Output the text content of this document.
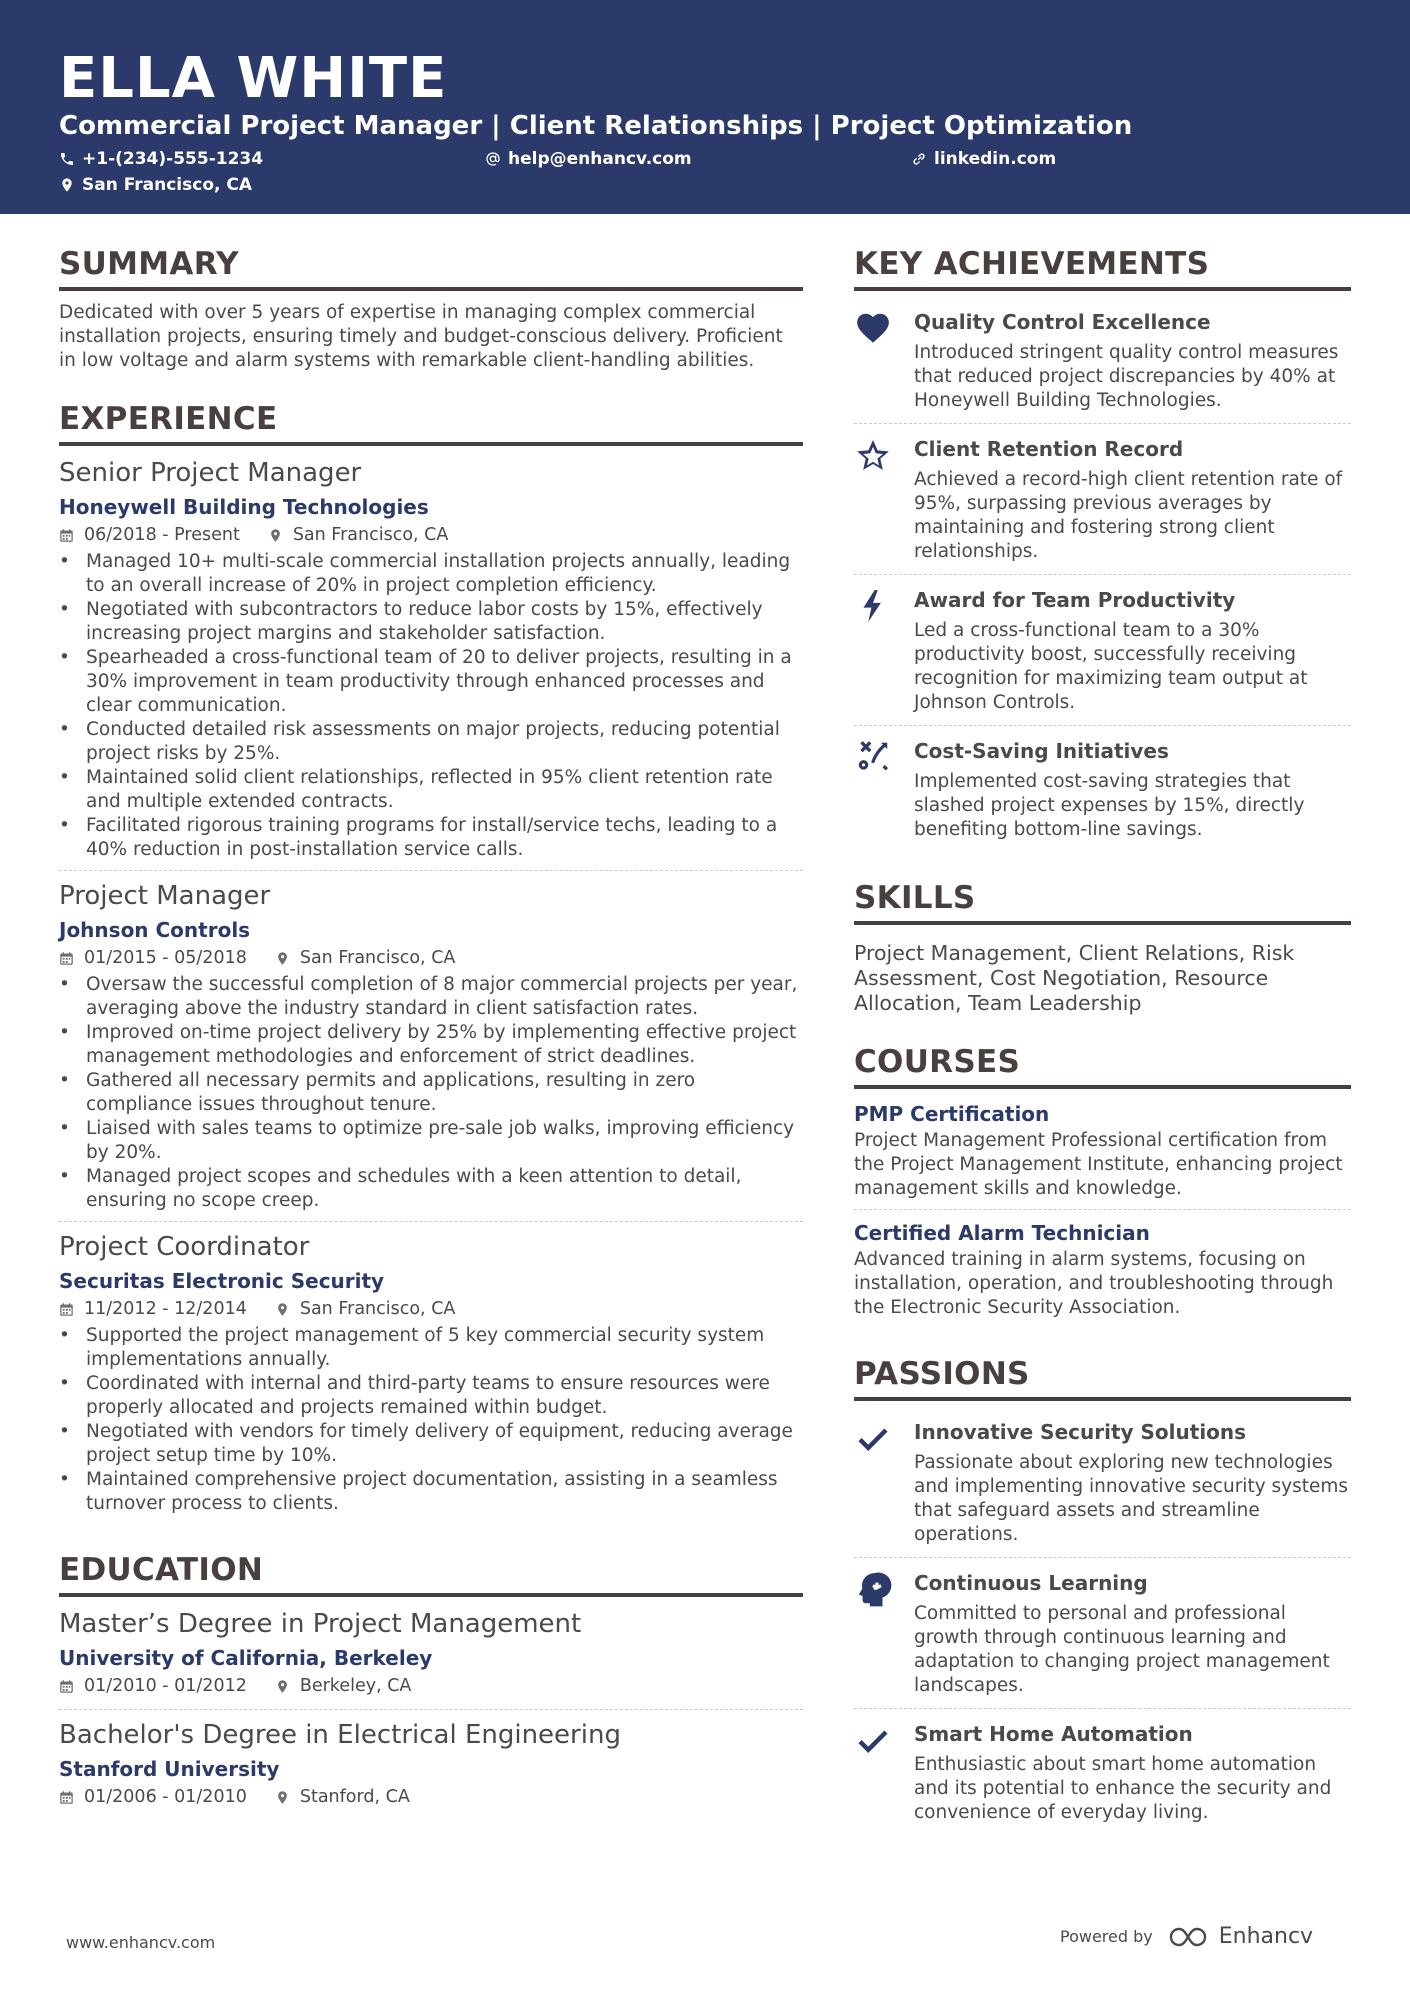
ELLA WHITE
Commercial Project Manager | Client Relationships | Project Optimization
+1-(234)-555-1234	help@enhancv.com	linkedin.com
San Francisco, CA
SUMMARY
Dedicated with over 5 years of expertise in managing complex commercial installation projects, ensuring timely and budget-conscious delivery. Proficient in low voltage and alarm systems with remarkable client-handling abilities.
EXPERIENCE
Senior Project Manager
Honeywell Building Technologies
06/2018 - Present	San Francisco, CA
• Managed 10+ multi-scale commercial installation projects annually, leading to an overall increase of 20% in project completion efficiency.
• Negotiated with subcontractors to reduce labor costs by 15%, effectively increasing project margins and stakeholder satisfaction.
• Spearheaded a cross-functional team of 20 to deliver projects, resulting in a 30% improvement in team productivity through enhanced processes and clear communication.
• Conducted detailed risk assessments on major projects, reducing potential project risks by 25%.
• Maintained solid client relationships, reflected in 95% client retention rate and multiple extended contracts.
• Facilitated rigorous training programs for install/service techs, leading to a 40% reduction in post-installation service calls.
Project Manager
Johnson Controls
01/2015 - 05/2018	San Francisco, CA
• Oversaw the successful completion of 8 major commercial projects per year, averaging above the industry standard in client satisfaction rates.
• Improved on-time project delivery by 25% by implementing effective project management methodologies and enforcement of strict deadlines.
• Gathered all necessary permits and applications, resulting in zero compliance issues throughout tenure.
• Liaised with sales teams to optimize pre-sale job walks, improving efficiency by 20%.
• Managed project scopes and schedules with a keen attention to detail, ensuring no scope creep.
Project Coordinator
Securitas Electronic Security
11/2012 - 12/2014	San Francisco, CA
• Supported the project management of 5 key commercial security system implementations annually.
• Coordinated with internal and third-party teams to ensure resources were properly allocated and projects remained within budget.
• Negotiated with vendors for timely delivery of equipment, reducing average project setup time by 10%.
• Maintained comprehensive project documentation, assisting in a seamless turnover process to clients.
EDUCATION
Master’s Degree in Project Management
University of California, Berkeley
01/2010 - 01/2012	Berkeley, CA
Bachelor's Degree in Electrical Engineering
Stanford University
01/2006 - 01/2010	Stanford, CA
KEY ACHIEVEMENTS
Quality Control Excellence
Introduced stringent quality control measures that reduced project discrepancies by 40% at Honeywell Building Technologies.
Client Retention Record
Achieved a record-high client retention rate of 95%, surpassing previous averages by maintaining and fostering strong client relationships.
Award for Team Productivity
Led a cross-functional team to a 30% productivity boost, successfully receiving recognition for maximizing team output at Johnson Controls.
Cost-Saving Initiatives
Implemented cost-saving strategies that slashed project expenses by 15%, directly benefiting bottom-line savings.
SKILLS
Project Management, Client Relations, Risk Assessment, Cost Negotiation, Resource Allocation, Team Leadership
COURSES
PMP Certification
Project Management Professional certification from the Project Management Institute, enhancing project management skills and knowledge.
Certified Alarm Technician
Advanced training in alarm systems, focusing on installation, operation, and troubleshooting through the Electronic Security Association.
PASSIONS
Innovative Security Solutions
Passionate about exploring new technologies and implementing innovative security systems that safeguard assets and streamline operations.
Continuous Learning
Committed to personal and professional growth through continuous learning and adaptation to changing project management landscapes.
Smart Home Automation
Enthusiastic about smart home automation and its potential to enhance the security and convenience of everyday living.
www.enhancv.com	Powered by	Enhancv
